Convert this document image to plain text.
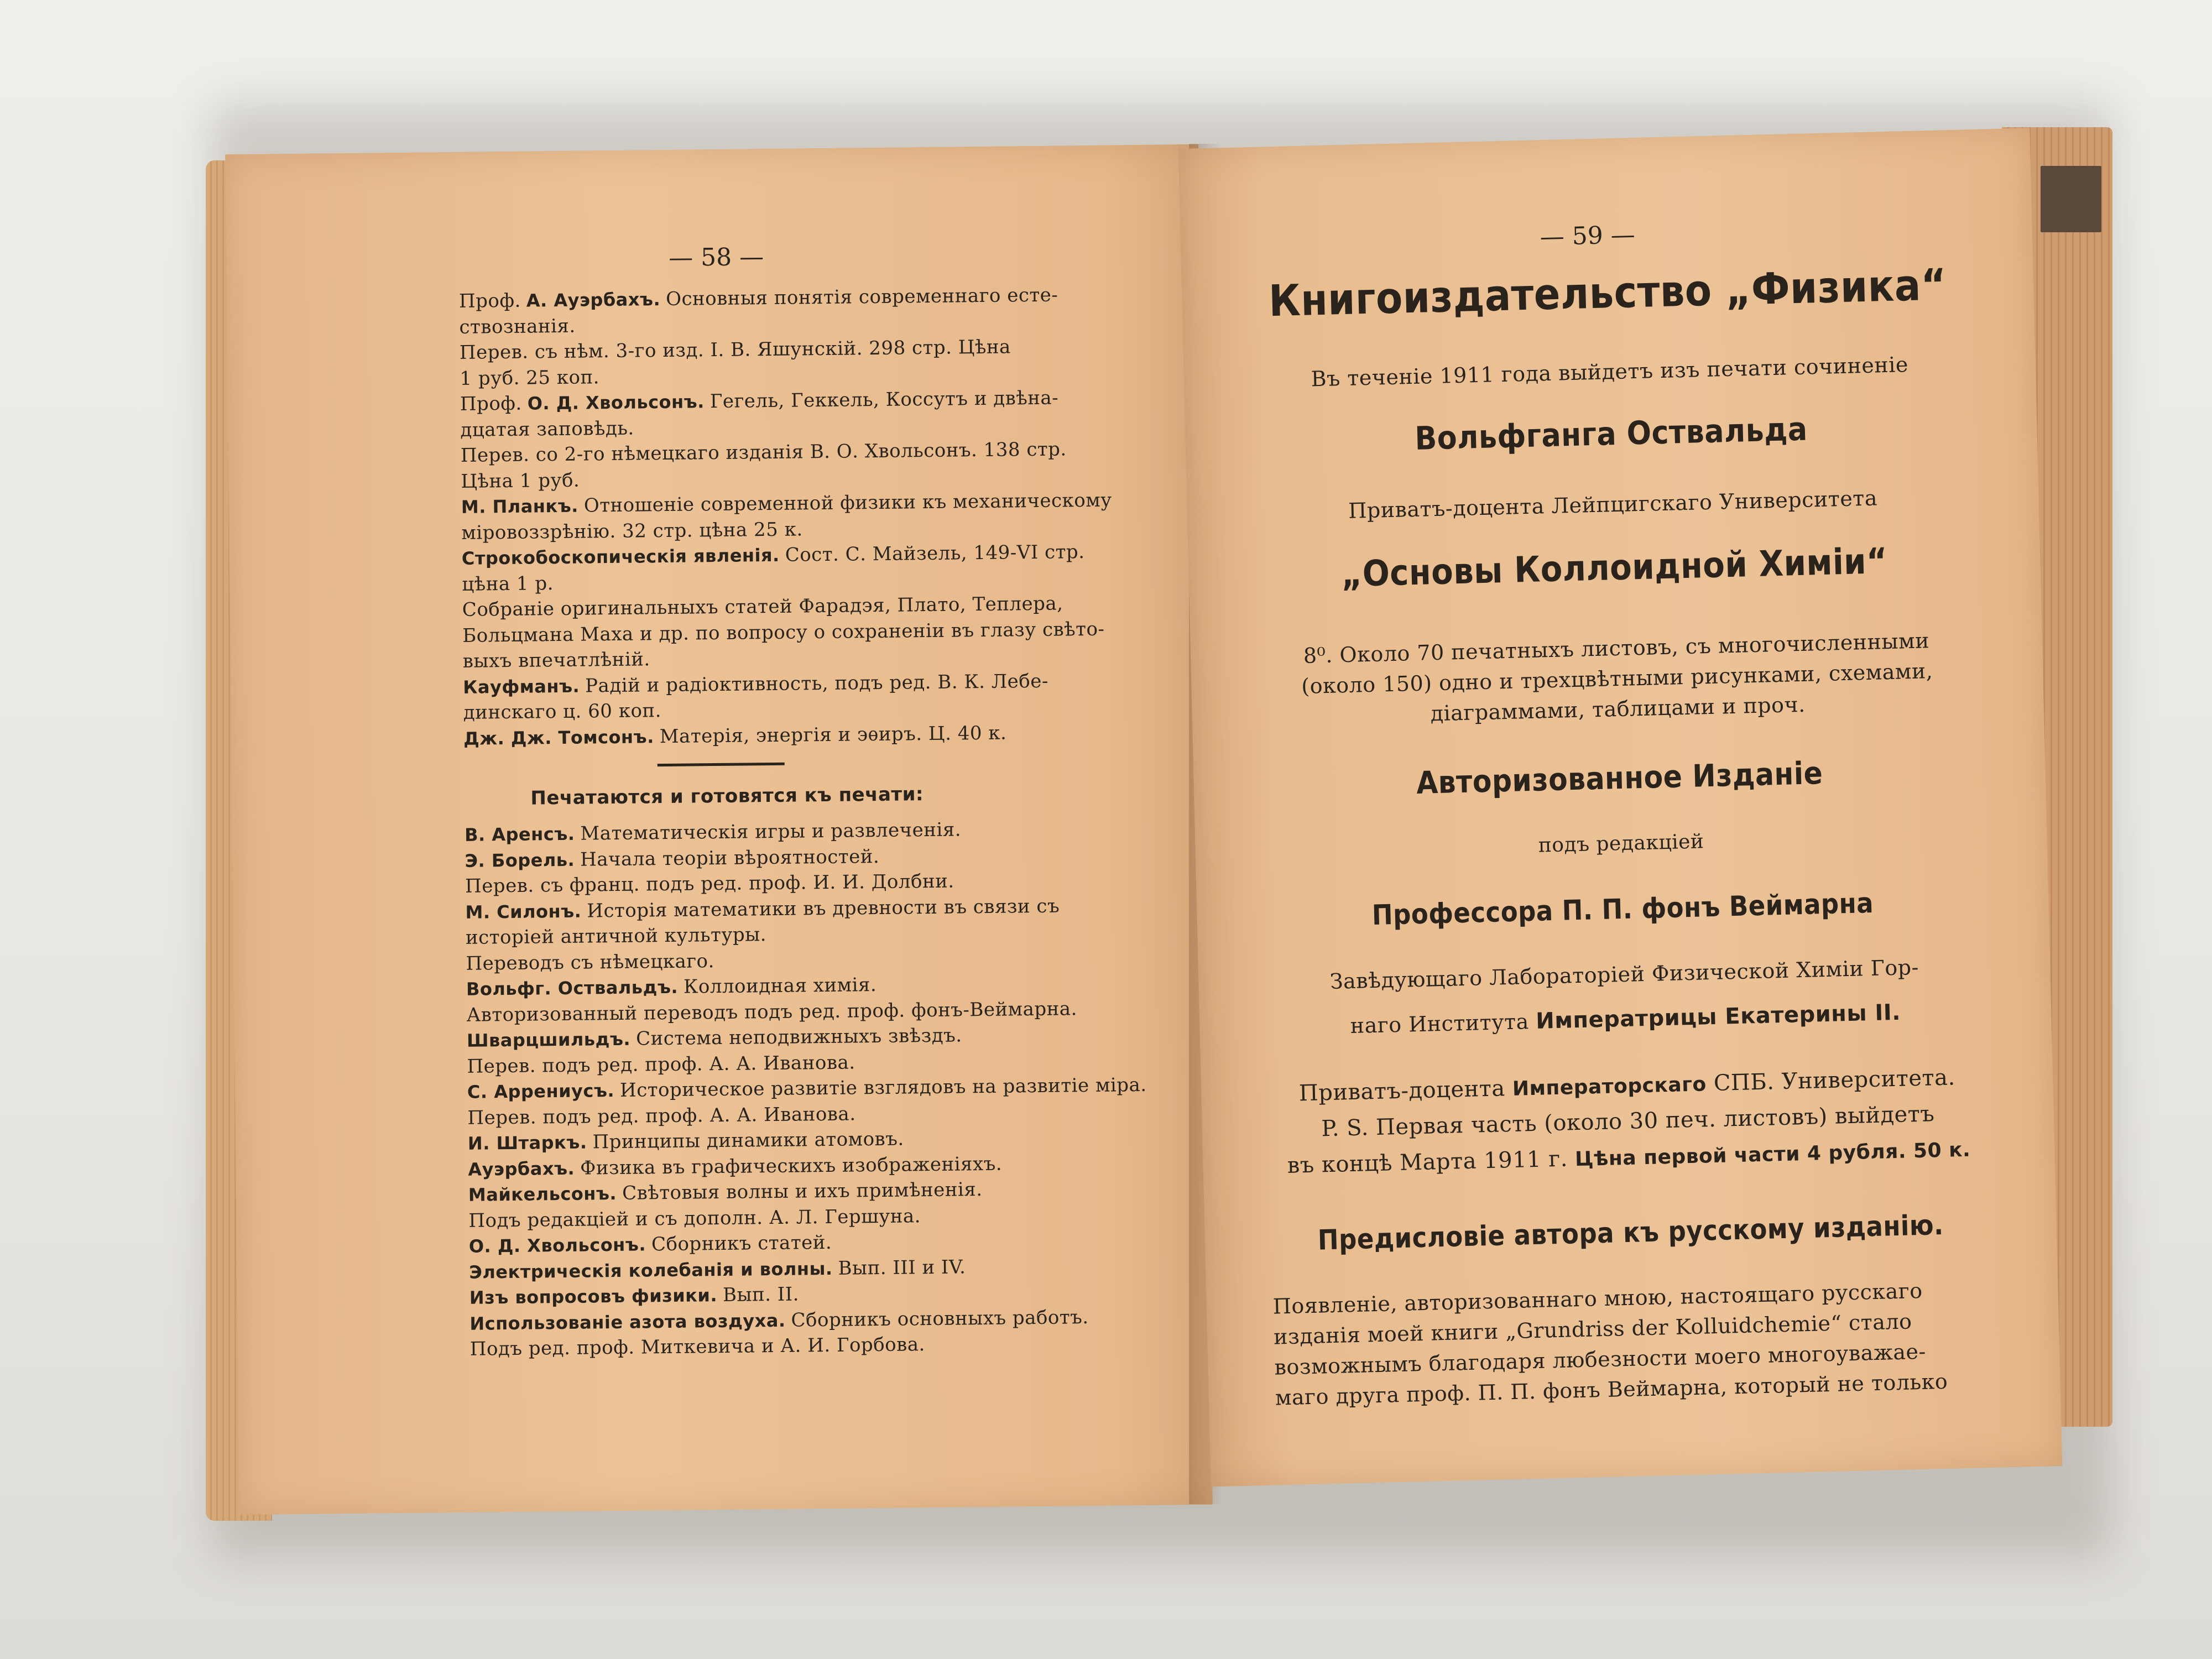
— 58 —
Проф. А. Ауэрбахъ. Основныя понятія современнаго есте-
ствознанія.
Перев. съ нѣм. 3-го изд. І. В. Яшунскій. 298 стр. Цѣна
1 руб. 25 коп.
Проф. О. Д. Хвольсонъ. Гегель, Геккель, Коссутъ и двѣна-
дцатая заповѣдь.
Перев. со 2-го нѣмецкаго изданія В. О. Хвольсонъ. 138 стр.
Цѣна 1 руб.
М. Планкъ. Отношеніе современной физики къ механическому
міровоззрѣнію. 32 стр. цѣна 25 к.
Строкобоскопическія явленія. Сост. С. Майзель, 149-VI стр.
цѣна 1 р.
Собраніе оригинальныхъ статей Фарадэя, Плато, Теплера,
Больцмана Маха и др. по вопросу о сохраненіи въ глазу свѣто-
выхъ впечатлѣній.
Кауфманъ. Радій и радіоктивность, подъ ред. В. К. Лебе-
динскаго ц. 60 коп.
Дж. Дж. Томсонъ. Матерія, энергія и эѳиръ. Ц. 40 к.
Печатаются и готовятся къ печати:
В. Аренсъ. Математическія игры и развлеченія.
Э. Борель. Начала теоріи вѣроятностей.
Перев. съ франц. подъ ред. проф. И. И. Долбни.
М. Силонъ. Исторія математики въ древности въ связи съ
исторіей античной культуры.
Переводъ съ нѣмецкаго.
Вольфг. Оствальдъ. Коллоидная химія.
Авторизованный переводъ подъ ред. проф. фонъ-Веймарна.
Шварцшильдъ. Система неподвижныхъ звѣздъ.
Перев. подъ ред. проф. А. А. Иванова.
С. Аррениусъ. Историческое развитіе взглядовъ на развитіе міра.
Перев. подъ ред. проф. А. А. Иванова.
И. Штаркъ. Принципы динамики атомовъ.
Ауэрбахъ. Физика въ графическихъ изображеніяхъ.
Майкельсонъ. Свѣтовыя волны и ихъ примѣненія.
Подъ редакціей и съ дополн. А. Л. Гершуна.
О. Д. Хвольсонъ. Сборникъ статей.
Электрическія колебанія и волны. Вып. III и IV.
Изъ вопросовъ физики. Вып. II.
Использованіе азота воздуха. Сборникъ основныхъ работъ.
Подъ ред. проф. Миткевича и А. И. Горбова.
— 59 —
Книгоиздательство „Физика“
Въ теченіе 1911 года выйдетъ изъ печати сочиненіе
Вольфганга Оствальда
Приватъ-доцента Лейпцигскаго Университета
„Основы Коллоидной Химіи“
8⁰. Около 70 печатныхъ листовъ, съ многочисленными
(около 150) одно и трехцвѣтными рисунками, схемами,
діаграммами, таблицами и проч.
Авторизованное Изданіе
подъ редакціей
Профессора П. П. фонъ Веймарна
Завѣдующаго Лабораторіей Физической Химіи Гор-
наго Института Императрицы Екатерины II.
Приватъ-доцента Императорскаго СПБ. Университета.
P. S. Первая часть (около 30 печ. листовъ) выйдетъ
въ концѣ Марта 1911 г. Цѣна первой части 4 рубля. 50 к.
Предисловіе автора къ русскому изданію.
Появленіе, авторизованнаго мною, настоящаго русскаго
изданія моей книги „Grundriss der Kolluidchemie“ стало
возможнымъ благодаря любезности моего многоуважае-
маго друга проф. П. П. фонъ Веймарна, который не только
